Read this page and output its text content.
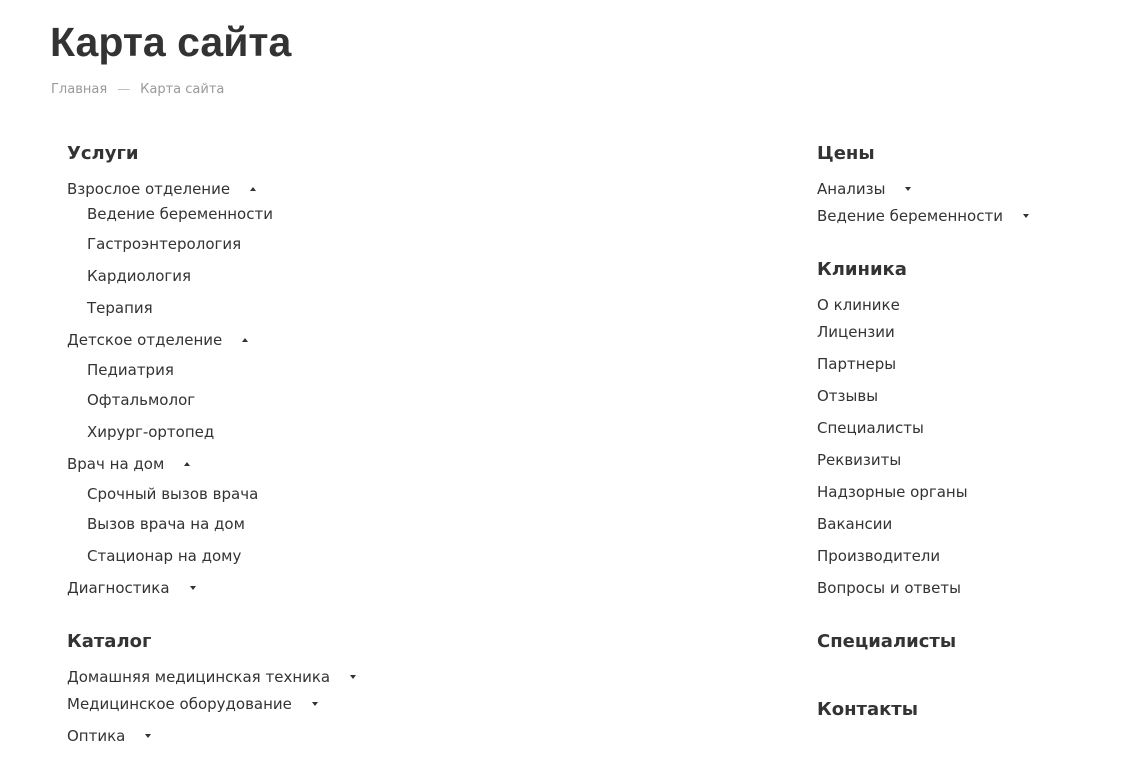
Карта сайта
Главная — Карта сайта
Услуги
Взрослое отделение
Ведение беременности
Гастроэнтерология
Кардиология
Терапия
Детское отделение
Педиатрия
Офтальмолог
Хирург-ортопед
Врач на дом
Срочный вызов врача
Вызов врача на дом
Стационар на дому
Диагностика
Каталог
Домашняя медицинская техника
Медицинское оборудование
Оптика
Цены
Анализы
Ведение беременности
Клиника
О клинике
Лицензии
Партнеры
Отзывы
Специалисты
Реквизиты
Надзорные органы
Вакансии
Производители
Вопросы и ответы
Специалисты
Контакты
